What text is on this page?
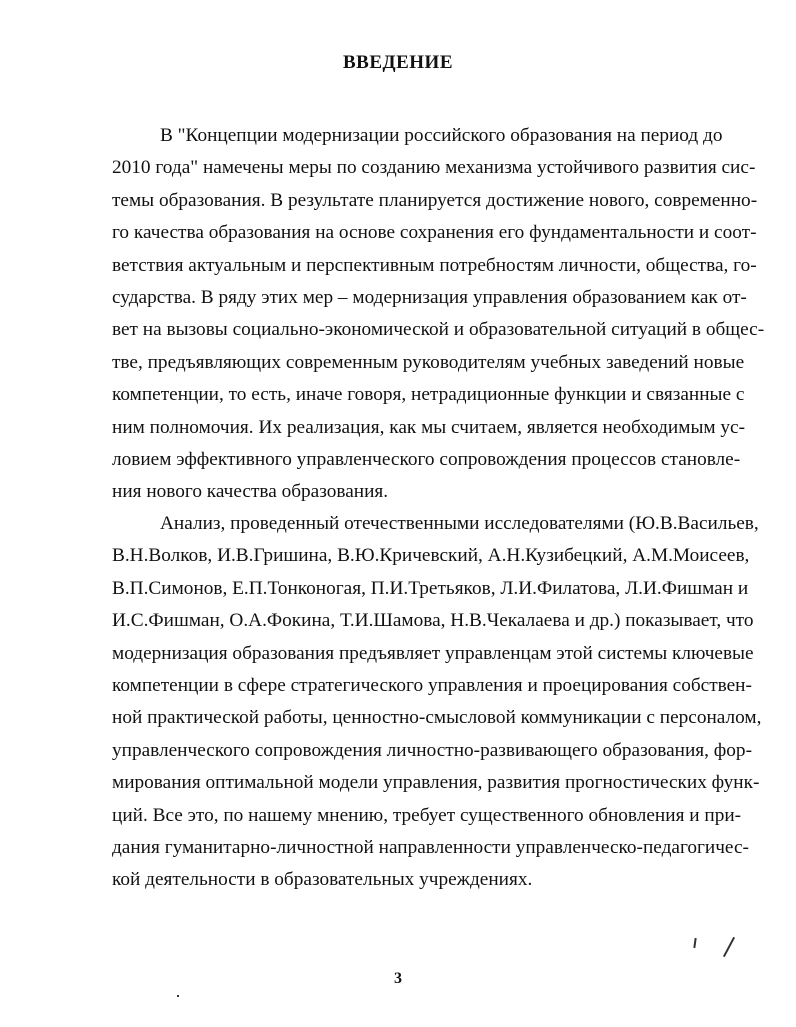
ВВЕДЕНИЕ
В "Концепции модернизации российского образования на период до
2010 года" намечены меры по созданию механизма устойчивого развития сис-
темы образования. В результате планируется достижение нового, современно-
го качества образования на основе сохранения его фундаментальности и соот-
ветствия актуальным и перспективным потребностям личности, общества, го-
сударства. В ряду этих мер – модернизация управления образованием как от-
вет на вызовы социально-экономической и образовательной ситуаций в общес-
тве, предъявляющих современным руководителям учебных заведений новые
компетенции, то есть, иначе говоря, нетрадиционные функции и связанные с
ним полномочия. Их реализация, как мы считаем, является необходимым ус-
ловием эффективного управленческого сопровождения процессов становле-
ния нового качества образования.
Анализ, проведенный отечественными исследователями (Ю.В.Васильев,
В.Н.Волков, И.В.Гришина, В.Ю.Кричевский, А.Н.Кузибецкий, А.М.Моисеев,
В.П.Симонов, Е.П.Тонконогая, П.И.Третьяков, Л.И.Филатова, Л.И.Фишман и
И.С.Фишман, О.А.Фокина, Т.И.Шамова, Н.В.Чекалаева и др.) показывает, что
модернизация образования предъявляет управленцам этой системы ключевые
компетенции в сфере стратегического управления и проецирования собствен-
ной практической работы, ценностно-смысловой коммуникации с персоналом,
управленческого сопровождения личностно-развивающего образования, фор-
мирования оптимальной модели управления, развития прогностических функ-
ций. Все это, по нашему мнению, требует существенного обновления и при-
дания гуманитарно-личностной направленности управленческо-педагогичес-
кой деятельности в образовательных учреждениях.
3
